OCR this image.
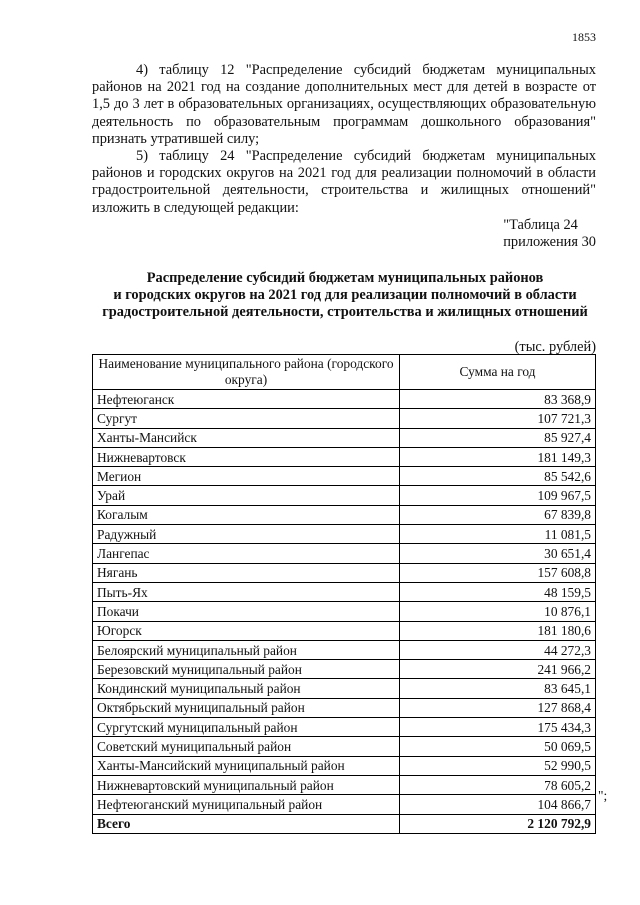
1853

4) таблицу 12 "Распределение субсидий бюджетам муниципальных районов на 2021 год на создание дополнительных мест для детей в возрасте от 1,5 до 3 лет в образовательных организациях, осуществляющих образовательную деятельность по образовательным программам дошкольного образования" признать утратившей силу;

5) таблицу 24 "Распределение субсидий бюджетам муниципальных районов и городских округов на 2021 год для реализации полномочий в области градостроительной деятельности, строительства и жилищных отношений" изложить в следующей редакции:

"Таблица 24
приложения 30
Распределение субсидий бюджетам муниципальных районов
и городских округов на 2021 год для реализации полномочий в области
градостроительной деятельности, строительства и жилищных отношений
(тыс. рублей)
Наименование муниципального района (городского округа)	Сумма на год
Нефтеюганск	83 368,9
Сургут	107 721,3
Ханты-Мансийск	85 927,4
Нижневартовск	181 149,3
Мегион	85 542,6
Урай	109 967,5
Когалым	67 839,8
Радужный	11 081,5
Лангепас	30 651,4
Нягань	157 608,8
Пыть-Ях	48 159,5
Покачи	10 876,1
Югорск	181 180,6
Белоярский муниципальный район	44 272,3
Березовский муниципальный район	241 966,2
Кондинский муниципальный район	83 645,1
Октябрьский муниципальный район	127 868,4
Сургутский муниципальный район	175 434,3
Советский муниципальный район	50 069,5
Ханты-Мансийский муниципальный район	52 990,5
Нижневартовский муниципальный район	78 605,2
Нефтеюганский муниципальный район	104 866,7
Всего	2 120 792,9
";
